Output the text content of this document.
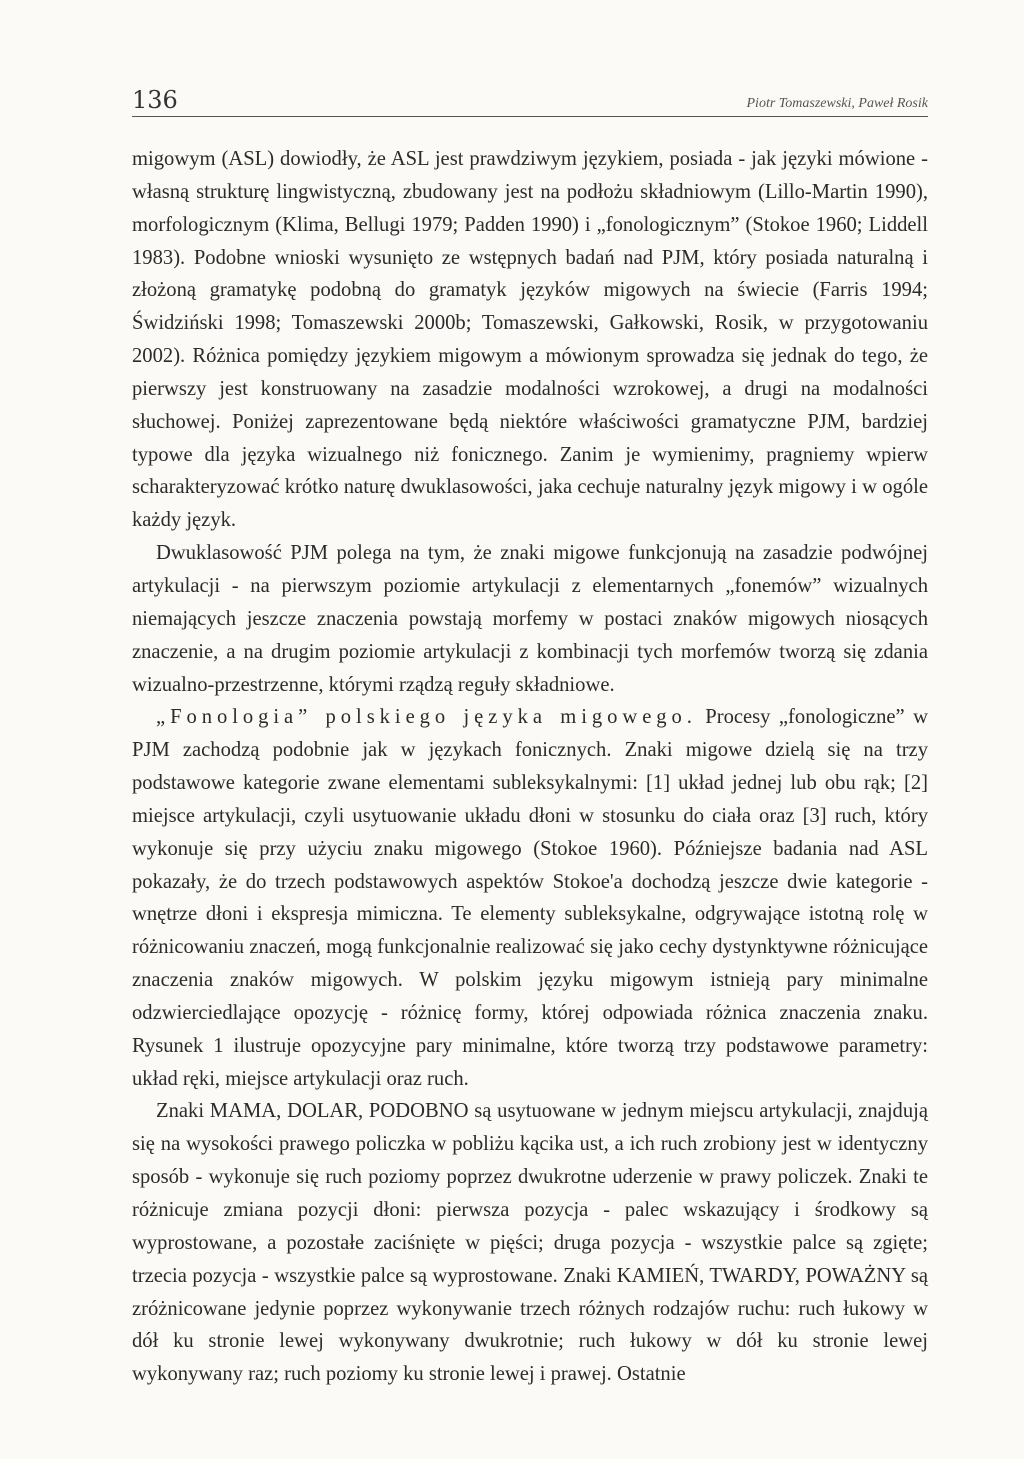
136	Piotr Tomaszewski, Paweł Rosik

migowym (ASL) dowiodły, że ASL jest prawdziwym językiem, posiada - jak języki mówione - własną strukturę lingwistyczną, zbudowany jest na podłożu składniowym (Lillo-Martin 1990), morfologicznym (Klima, Bellugi 1979; Padden 1990) i „fonologicznym” (Stokoe 1960; Liddell 1983). Podobne wnioski wysunięto ze wstępnych badań nad PJM, który posiada naturalną i złożoną gramatykę podobną do gramatyk języków migowych na świecie (Farris 1994; Świdziński 1998; Tomaszewski 2000b; Tomaszewski, Gałkowski, Rosik, w przygotowaniu 2002). Różnica pomiędzy językiem migowym a mówionym sprowadza się jednak do tego, że pierwszy jest konstruowany na zasadzie modalności wzrokowej, a drugi na modalności słuchowej. Poniżej zaprezentowane będą niektóre właściwości gramatyczne PJM, bardziej typowe dla języka wizualnego niż fonicznego. Zanim je wymienimy, pragniemy wpierw scharakteryzować krótko naturę dwuklasowości, jaka cechuje naturalny język migowy i w ogóle każdy język.

Dwuklasowość PJM polega na tym, że znaki migowe funkcjonują na zasadzie podwójnej artykulacji - na pierwszym poziomie artykulacji z elementarnych „fonemów” wizualnych niemających jeszcze znaczenia powstają morfemy w postaci znaków migowych niosących znaczenie, a na drugim poziomie artykulacji z kombinacji tych morfemów tworzą się zdania wizualno-przestrzenne, którymi rządzą reguły składniowe.

„Fonologia” polskiego języka migowego. Procesy „fonologiczne” w PJM zachodzą podobnie jak w językach fonicznych. Znaki migowe dzielą się na trzy podstawowe kategorie zwane elementami subleksykalnymi: [1] układ jednej lub obu rąk; [2] miejsce artykulacji, czyli usytuowanie układu dłoni w stosunku do ciała oraz [3] ruch, który wykonuje się przy użyciu znaku migowego (Stokoe 1960). Późniejsze badania nad ASL pokazały, że do trzech podstawowych aspektów Stokoe'a dochodzą jeszcze dwie kategorie - wnętrze dłoni i ekspresja mimiczna. Te elementy subleksykalne, odgrywające istotną rolę w różnicowaniu znaczeń, mogą funkcjonalnie realizować się jako cechy dystynktywne różnicujące znaczenia znaków migowych. W polskim języku migowym istnieją pary minimalne odzwierciedlające opozycję - różnicę formy, której odpowiada różnica znaczenia znaku. Rysunek 1 ilustruje opozycyjne pary minimalne, które tworzą trzy podstawowe parametry: układ ręki, miejsce artykulacji oraz ruch.

Znaki MAMA, DOLAR, PODOBNO są usytuowane w jednym miejscu artykulacji, znajdują się na wysokości prawego policzka w pobliżu kącika ust, a ich ruch zrobiony jest w identyczny sposób - wykonuje się ruch poziomy poprzez dwukrotne uderzenie w prawy policzek. Znaki te różnicuje zmiana pozycji dłoni: pierwsza pozycja - palec wskazujący i środkowy są wyprostowane, a pozostałe zaciśnięte w pięści; druga pozycja - wszystkie palce są zgięte; trzecia pozycja - wszystkie palce są wyprostowane. Znaki KAMIEŃ, TWARDY, POWAŻNY są zróżnicowane jedynie poprzez wykonywanie trzech różnych rodzajów ruchu: ruch łukowy w dół ku stronie lewej wykonywany dwukrotnie; ruch łukowy w dół ku stronie lewej wykonywany raz; ruch poziomy ku stronie lewej i prawej. Ostatnie
